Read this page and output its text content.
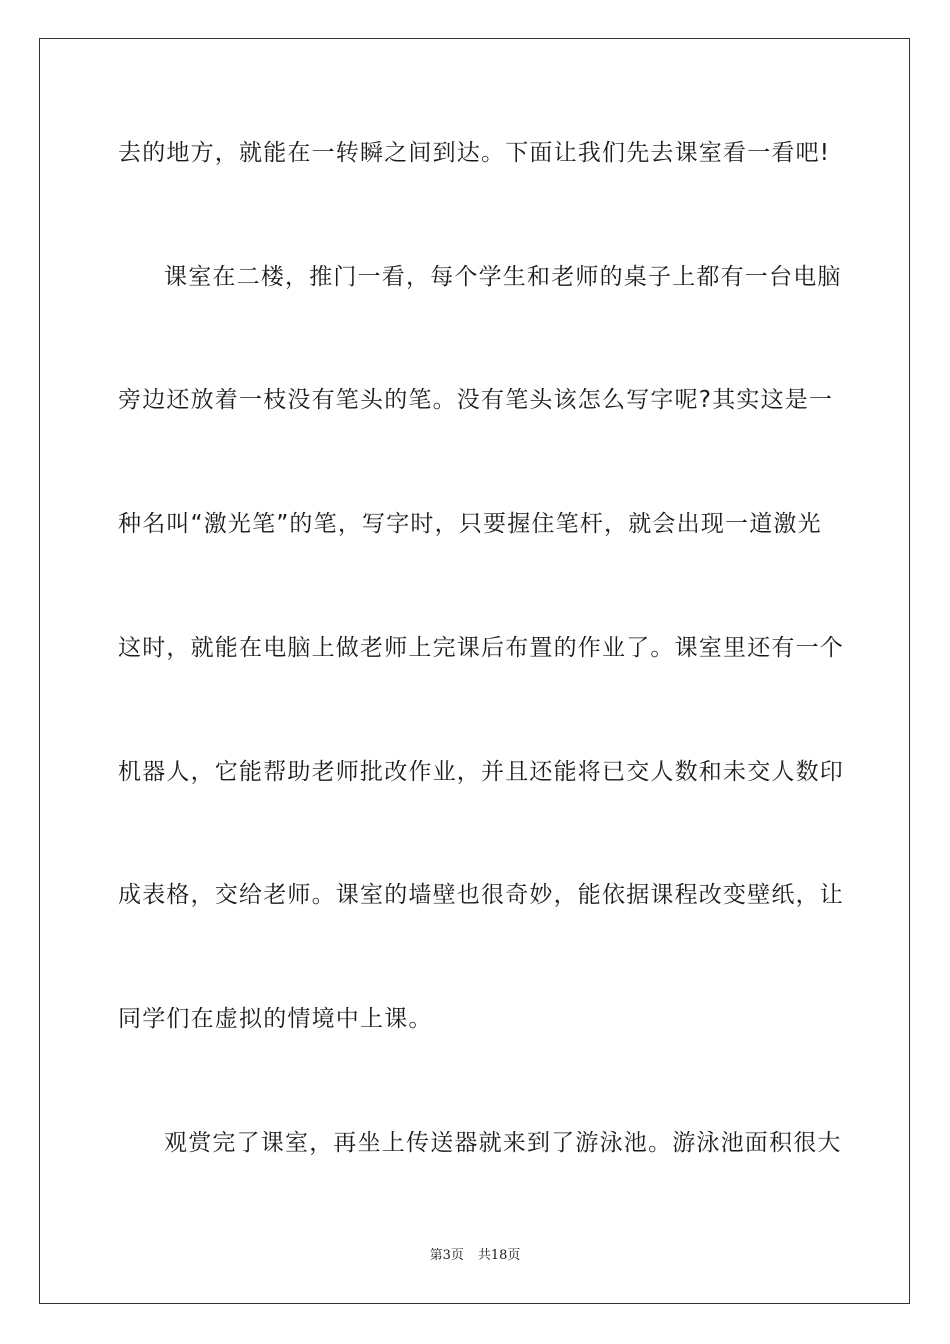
去的地方，就能在一转瞬之间到达。下面让我们先去课室看一看吧!
课室在二楼，推门一看，每个学生和老师的桌子上都有一台电脑
旁边还放着一枝没有笔头的笔。没有笔头该怎么写字呢?其实这是一
种名叫“激光笔”的笔，写字时，只要握住笔杆，就会出现一道激光
这时，就能在电脑上做老师上完课后布置的作业了。课室里还有一个
机器人，它能帮助老师批改作业，并且还能将已交人数和未交人数印
成表格，交给老师。课室的墙壁也很奇妙，能依据课程改变壁纸，让
同学们在虚拟的情境中上课。
观赏完了课室，再坐上传送器就来到了游泳池。游泳池面积很大
第3页 共18页
